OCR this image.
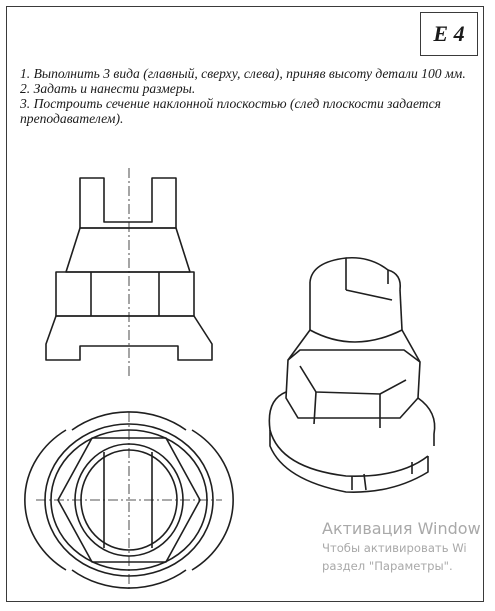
Е 4

1. Выполнить 3 вида (главный, сверху, слева), приняв высоту детали 100 мм.

2. Задать и нанести размеры.

3. Построить сечение наклонной плоскостью (след плоскости задается преподавателем).

Активация Window
Чтобы активировать Wi
раздел "Параметры".
